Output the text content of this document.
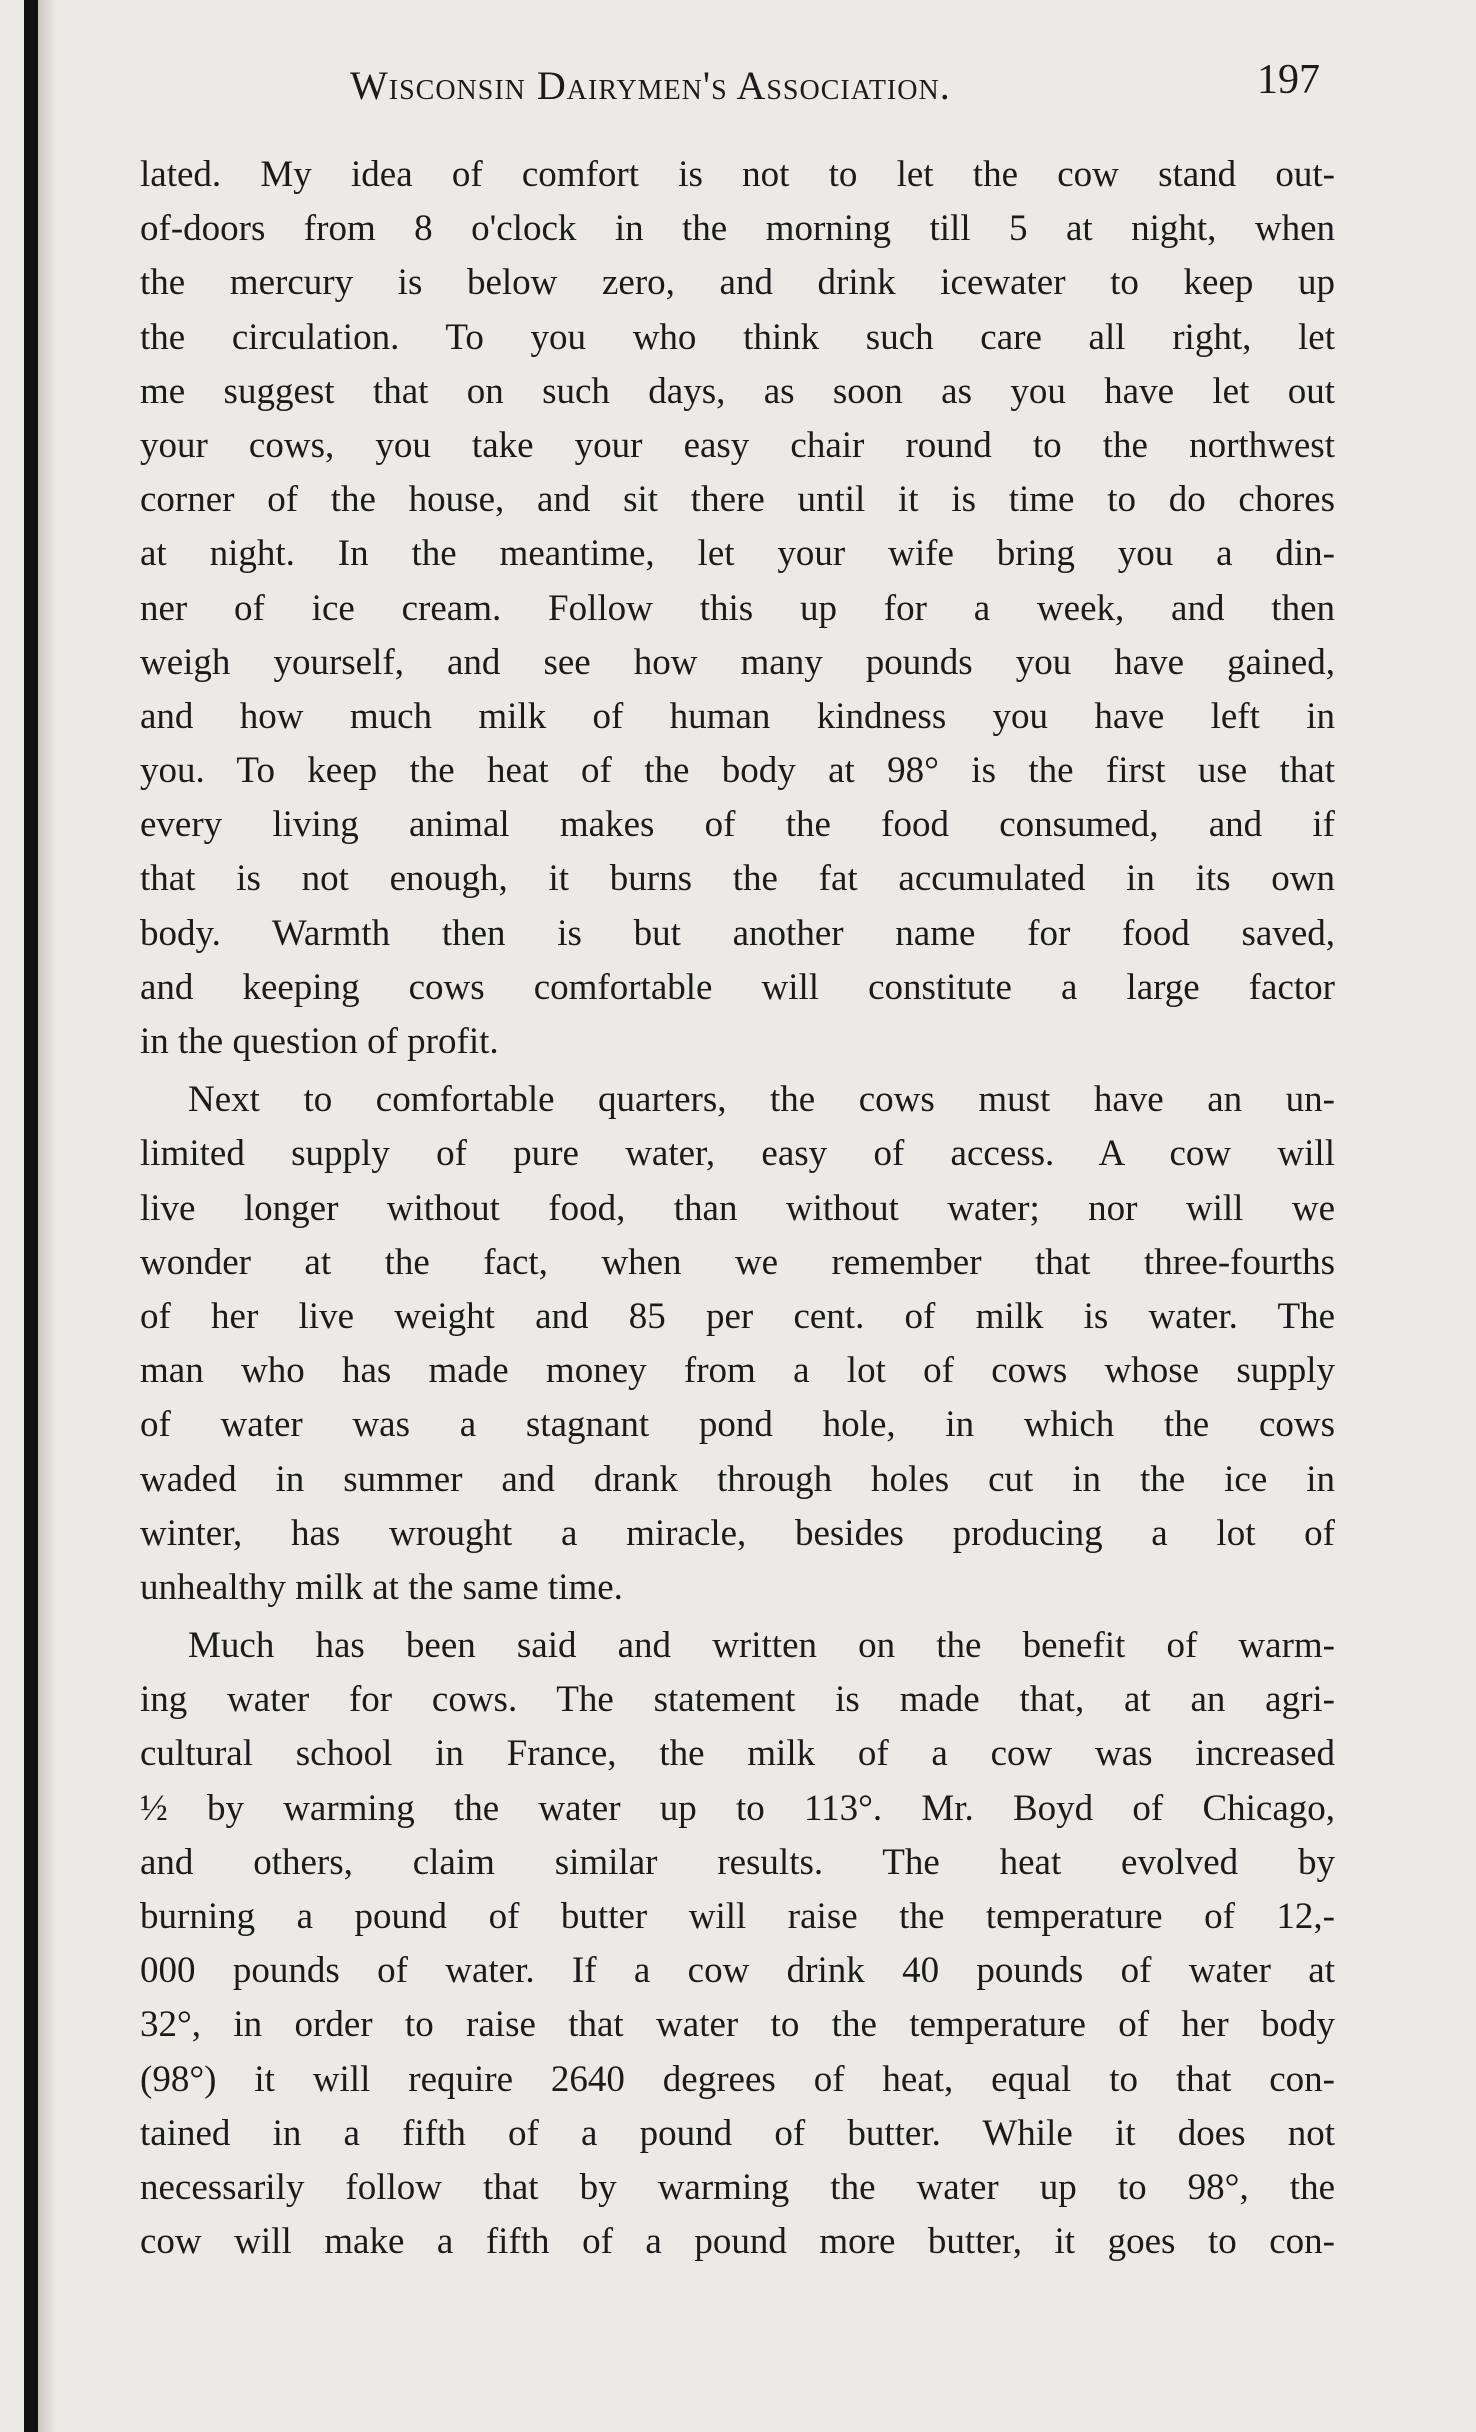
Wisconsin Dairymen's Association.	197
lated. My idea of comfort is not to let the cow stand out-
of-doors from 8 o'clock in the morning till 5 at night, when
the mercury is below zero, and drink icewater to keep up
the circulation. To you who think such care all right, let
me suggest that on such days, as soon as you have let out
your cows, you take your easy chair round to the northwest
corner of the house, and sit there until it is time to do chores
at night. In the meantime, let your wife bring you a din-
ner of ice cream. Follow this up for a week, and then
weigh yourself, and see how many pounds you have gained,
and how much milk of human kindness you have left in
you. To keep the heat of the body at 98° is the first use that
every living animal makes of the food consumed, and if
that is not enough, it burns the fat accumulated in its own
body. Warmth then is but another name for food saved,
and keeping cows comfortable will constitute a large factor
in the question of profit.
Next to comfortable quarters, the cows must have an un-
limited supply of pure water, easy of access. A cow will
live longer without food, than without water; nor will we
wonder at the fact, when we remember that three-fourths
of her live weight and 85 per cent. of milk is water. The
man who has made money from a lot of cows whose supply
of water was a stagnant pond hole, in which the cows
waded in summer and drank through holes cut in the ice in
winter, has wrought a miracle, besides producing a lot of
unhealthy milk at the same time.
Much has been said and written on the benefit of warm-
ing water for cows. The statement is made that, at an agri-
cultural school in France, the milk of a cow was increased
½ by warming the water up to 113°. Mr. Boyd of Chicago,
and others, claim similar results. The heat evolved by
burning a pound of butter will raise the temperature of 12,-
000 pounds of water. If a cow drink 40 pounds of water at
32°, in order to raise that water to the temperature of her body
(98°) it will require 2640 degrees of heat, equal to that con-
tained in a fifth of a pound of butter. While it does not
necessarily follow that by warming the water up to 98°, the
cow will make a fifth of a pound more butter, it goes to con-
